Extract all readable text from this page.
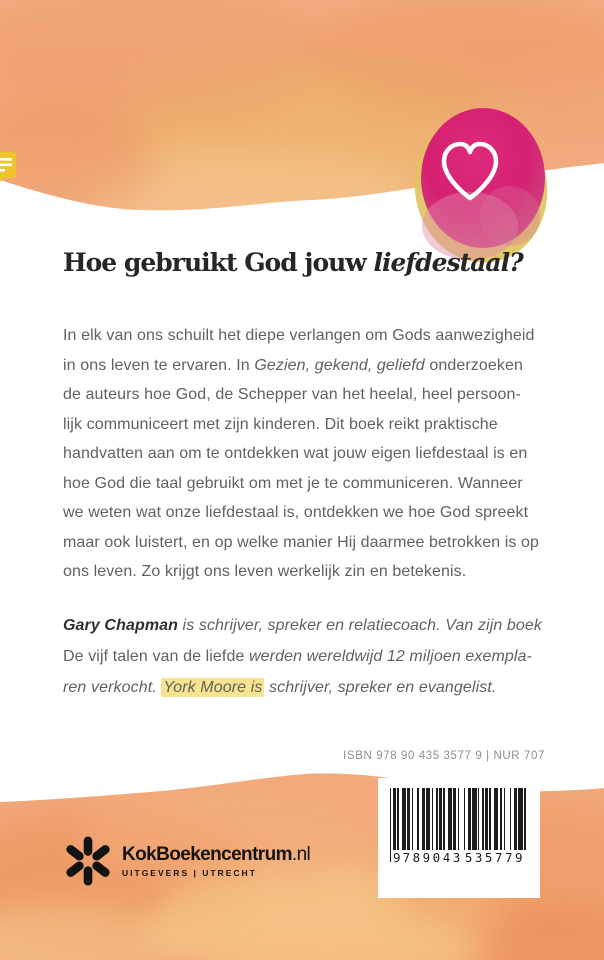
Hoe gebruikt God jouw liefdestaal?
In elk van ons schuilt het diepe verlangen om Gods aanwezigheid
in ons leven te ervaren. In Gezien, gekend, geliefd onderzoeken
de auteurs hoe God, de Schepper van het heelal, heel persoon-
lijk communiceert met zijn kinderen. Dit boek reikt praktische
handvatten aan om te ontdekken wat jouw eigen liefdestaal is en
hoe God die taal gebruikt om met je te communiceren. Wanneer
we weten wat onze liefdestaal is, ontdekken we hoe God spreekt
maar ook luistert, en op welke manier Hij daarmee betrokken is op
ons leven. Zo krijgt ons leven werkelijk zin en betekenis.
Gary Chapman is schrijver, spreker en relatiecoach. Van zijn boek
De vijf talen van de liefde werden wereldwijd 12 miljoen exempla-
ren verkocht. York Moore is schrijver, spreker en evangelist.
ISBN 978 90 435 3577 9 | NUR 707
9 789043 535779
KokBoekencentrum.nl
UITGEVERS | UTRECHT
